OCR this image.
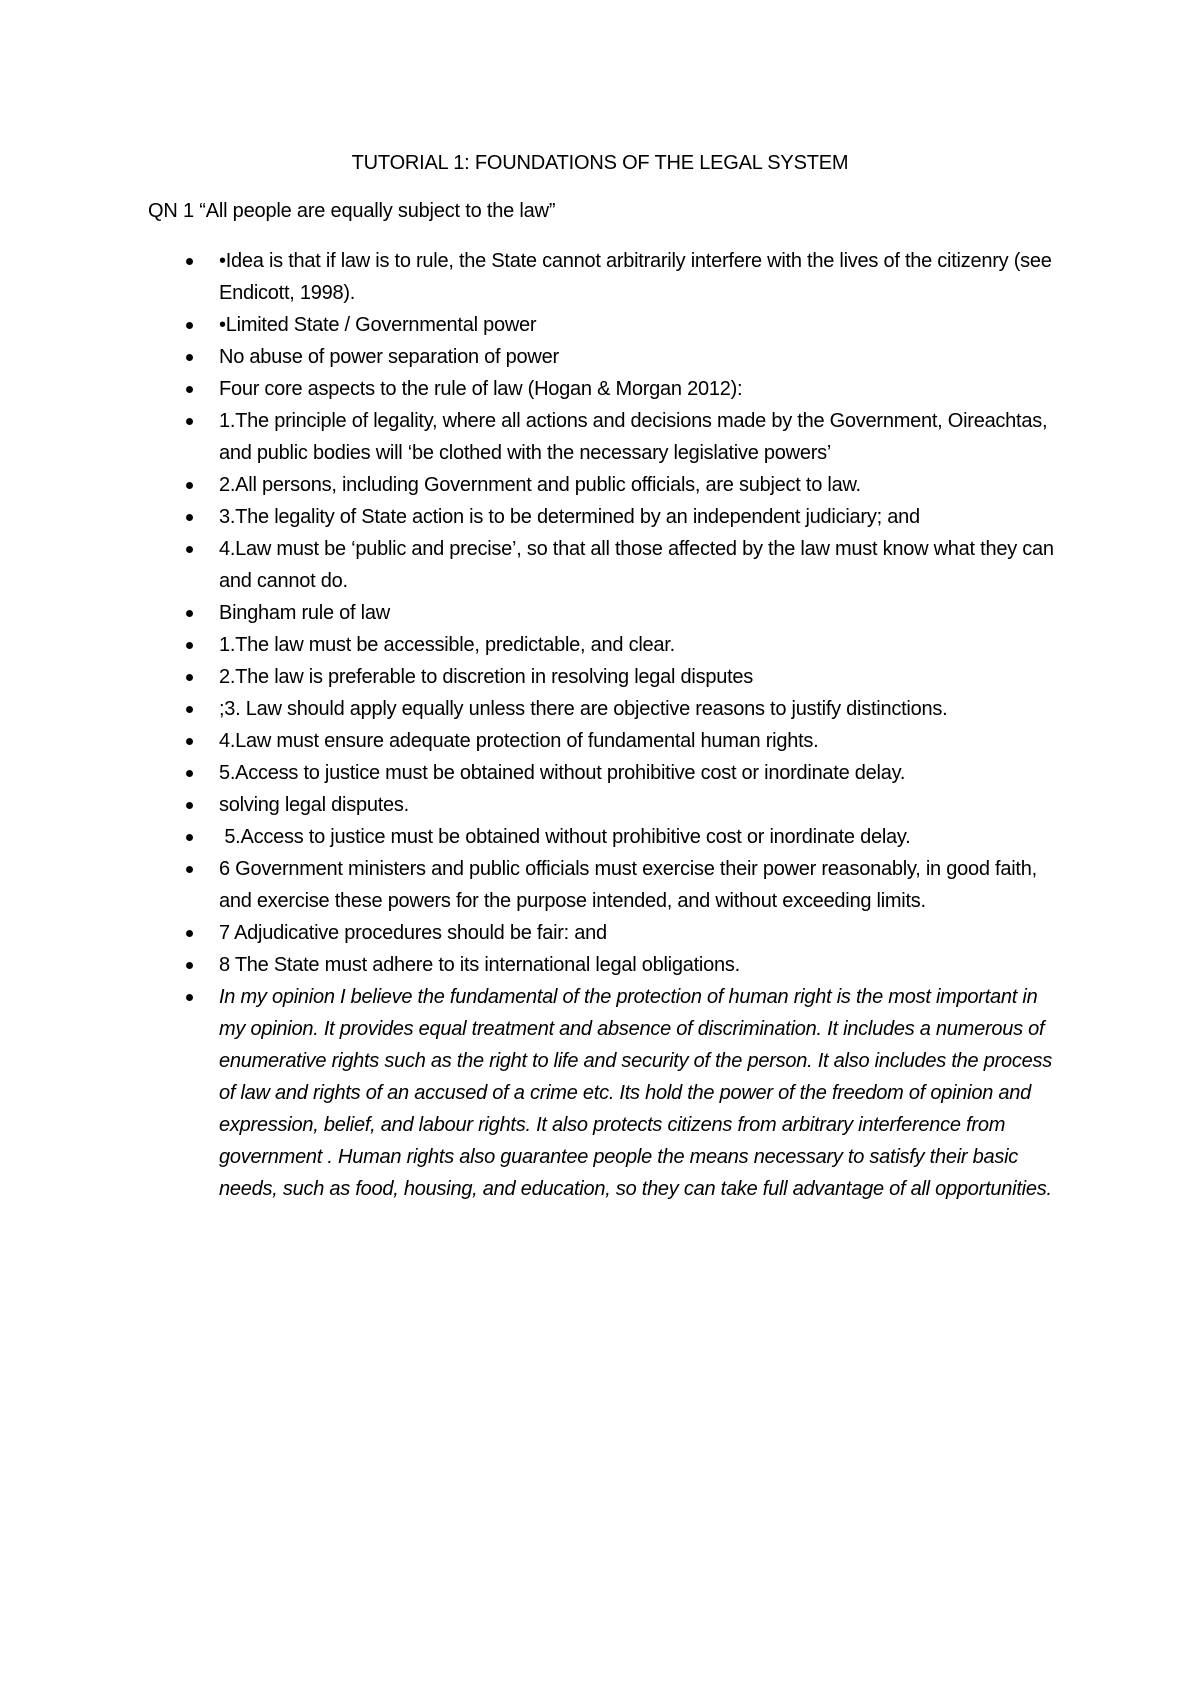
TUTORIAL 1: FOUNDATIONS OF THE LEGAL SYSTEM
QN 1 “All people are equally subject to the law”
•Idea is that if law is to rule, the State cannot arbitrarily interfere with the lives of the citizenry (see Endicott, 1998).
•Limited State / Governmental power
No abuse of power separation of power
Four core aspects to the rule of law (Hogan & Morgan 2012):
1.The principle of legality, where all actions and decisions made by the Government, Oireachtas, and public bodies will ‘be clothed with the necessary legislative powers’
2.All persons, including Government and public officials, are subject to law.
3.The legality of State action is to be determined by an independent judiciary; and
4.Law must be ‘public and precise’, so that all those affected by the law must know what they can and cannot do.
Bingham rule of law
1.The law must be accessible, predictable, and clear.
2.The law is preferable to discretion in resolving legal disputes
;3. Law should apply equally unless there are objective reasons to justify distinctions.
4.Law must ensure adequate protection of fundamental human rights.
5.Access to justice must be obtained without prohibitive cost or inordinate delay.
solving legal disputes.
5.Access to justice must be obtained without prohibitive cost or inordinate delay.
6 Government ministers and public officials must exercise their power reasonably, in good faith, and exercise these powers for the purpose intended, and without exceeding limits.
7 Adjudicative procedures should be fair: and
8 The State must adhere to its international legal obligations.
In my opinion I believe the fundamental of the protection of human right is the most important in my opinion. It provides equal treatment and absence of discrimination. It includes a numerous of enumerative rights such as the right to life and security of the person. It also includes the process of law and rights of an accused of a crime etc. Its hold the power of the freedom of opinion and expression, belief, and labour rights. It also protects citizens from arbitrary interference from government . Human rights also guarantee people the means necessary to satisfy their basic needs, such as food, housing, and education, so they can take full advantage of all opportunities.
